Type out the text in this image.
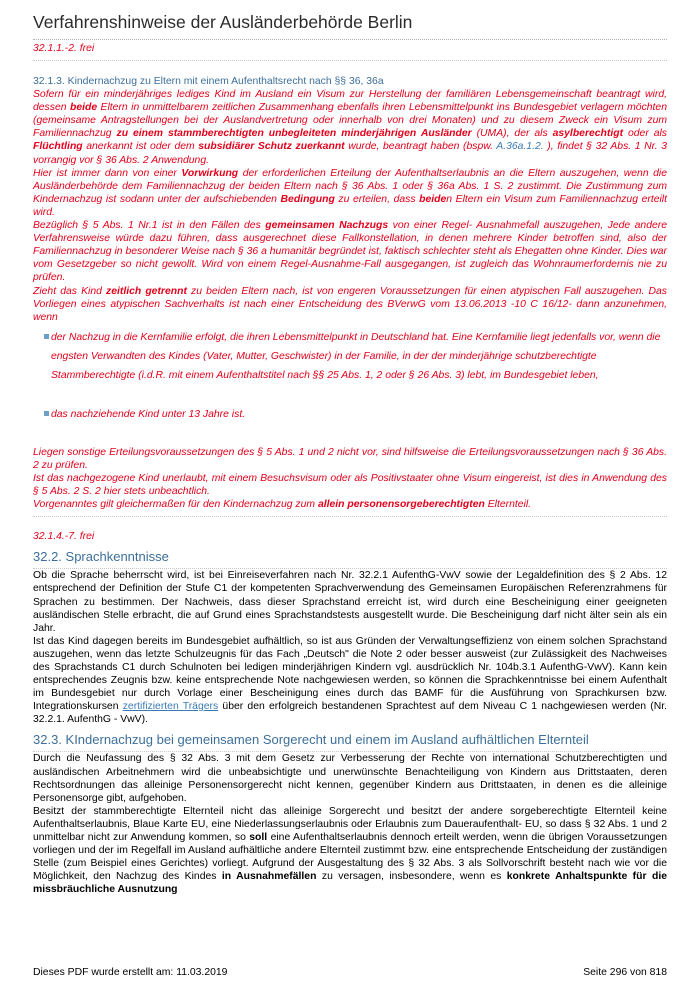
Verfahrenshinweise der Ausländerbehörde Berlin

32.1.1.-2. frei

32.1.3. Kindernachzug zu Eltern mit einem Aufenthaltsrecht nach §§ 36, 36a

Sofern für ein minderjähriges lediges Kind im Ausland ein Visum zur Herstellung der familiären Lebensgemeinschaft beantragt wird, dessen beide Eltern in unmittelbarem zeitlichen Zusammenhang ebenfalls ihren Lebensmittelpunkt ins Bundesgebiet verlagern möchten (gemeinsame Antragstellungen bei der Auslandvertretung oder innerhalb von drei Monaten) und zu diesem Zweck ein Visum zum Familiennachzug zu einem stammberechtigten unbegleiteten minderjährigen Ausländer (UMA), der als asylberechtigt oder als Flüchtling anerkannt ist oder dem subsidiärer Schutz zuerkannt wurde, beantragt haben (bspw. A.36a.1.2. ), findet § 32 Abs. 1 Nr. 3 vorrangig vor § 36 Abs. 2 Anwendung.

Hier ist immer dann von einer Vorwirkung der erforderlichen Erteilung der Aufenthaltserlaubnis an die Eltern auszugehen, wenn die Ausländerbehörde dem Familiennachzug der beiden Eltern nach § 36 Abs. 1 oder § 36a Abs. 1 S. 2 zustimmt. Die Zustimmung zum Kindernachzug ist sodann unter der aufschiebenden Bedingung zu erteilen, dass beiden Eltern ein Visum zum Familiennachzug erteilt wird.

Bezüglich § 5 Abs. 1 Nr.1 ist in den Fällen des gemeinsamen Nachzugs von einer Regel- Ausnahmefall auszugehen, Jede andere Verfahrensweise würde dazu führen, dass ausgerechnet diese Fallkonstellation, in denen mehrere Kinder betroffen sind, also der Familiennachzug in besonderer Weise nach § 36 a humanitär begründet ist, faktisch schlechter steht als Ehegatten ohne Kinder. Dies war vom Gesetzgeber so nicht gewollt. Wird von einem Regel-Ausnahme-Fall ausgegangen, ist zugleich das Wohnraumerfordernis nie zu prüfen.

Zieht das Kind zeitlich getrennt zu beiden Eltern nach, ist von engeren Voraussetzungen für einen atypischen Fall auszugehen. Das Vorliegen eines atypischen Sachverhalts ist nach einer Entscheidung des BVerwG vom 13.06.2013 -10 C 16/12- dann anzunehmen, wenn

der Nachzug in die Kernfamilie erfolgt, die ihren Lebensmittelpunkt in Deutschland hat. Eine Kernfamilie liegt jedenfalls vor, wenn die engsten Verwandten des Kindes (Vater, Mutter, Geschwister) in der Familie, in der der minderjährige schutzberechtigte Stammberechtigte (i.d.R. mit einem Aufenthaltstitel nach §§ 25 Abs. 1, 2 oder § 26 Abs. 3) lebt, im Bundesgebiet leben,
das nachziehende Kind unter 13 Jahre ist.

Liegen sonstige Erteilungsvoraussetzungen des § 5 Abs. 1 und 2 nicht vor, sind hilfsweise die Erteilungsvoraussetzungen nach § 36 Abs. 2 zu prüfen.

Ist das nachgezogene Kind unerlaubt, mit einem Besuchsvisum oder als Positivstaater ohne Visum eingereist, ist dies in Anwendung des § 5 Abs. 2 S. 2 hier stets unbeachtlich.

Vorgenanntes gilt gleichermaßen für den Kindernachzug zum allein personensorgeberechtigten Elternteil.

32.1.4.-7. frei

32.2. Sprachkenntnisse

Ob die Sprache beherrscht wird, ist bei Einreiseverfahren nach Nr. 32.2.1 AufenthG-VwV sowie der Legaldefinition des § 2 Abs. 12 entsprechend der Definition der Stufe C1 der kompetenten Sprachverwendung des Gemeinsamen Europäischen Referenzrahmens für Sprachen zu bestimmen. Der Nachweis, dass dieser Sprachstand erreicht ist, wird durch eine Bescheinigung einer geeigneten ausländischen Stelle erbracht, die auf Grund eines Sprachstandstests ausgestellt wurde. Die Bescheinigung darf nicht älter sein als ein Jahr.

Ist das Kind dagegen bereits im Bundesgebiet aufhältlich, so ist aus Gründen der Verwaltungseffizienz von einem solchen Sprachstand auszugehen, wenn das letzte Schulzeugnis für das Fach „Deutsch" die Note 2 oder besser ausweist (zur Zulässigkeit des Nachweises des Sprachstands C1 durch Schulnoten bei ledigen minderjährigen Kindern vgl. ausdrücklich Nr. 104b.3.1 AufenthG-VwV). Kann kein entsprechendes Zeugnis bzw. keine entsprechende Note nachgewiesen werden, so können die Sprachkenntnisse bei einem Aufenthalt im Bundesgebiet nur durch Vorlage einer Bescheinigung eines durch das BAMF für die Ausführung von Sprachkursen bzw. Integrationskursen zertifizierten Trägers über den erfolgreich bestandenen Sprachtest auf dem Niveau C 1 nachgewiesen werden (Nr. 32.2.1. AufenthG - VwV).

32.3. KIndernachzug bei gemeinsamen Sorgerecht und einem im Ausland aufhältlichen Elternteil

Durch die Neufassung des § 32 Abs. 3 mit dem Gesetz zur Verbesserung der Rechte von international Schutzberechtigten und ausländischen Arbeitnehmern wird die unbeabsichtigte und unerwünschte Benachteiligung von Kindern aus Drittstaaten, deren Rechtsordnungen das alleinige Personensorgerecht nicht kennen, gegenüber Kindern aus Drittstaaten, in denen es die alleinige Personensorge gibt, aufgehoben.

Besitzt der stammberechtigte Elternteil nicht das alleinige Sorgerecht und besitzt der andere sorgeberechtigte Elternteil keine Aufenthaltserlaubnis, Blaue Karte EU, eine Niederlassungserlaubnis oder Erlaubnis zum Daueraufenthalt- EU, so dass § 32 Abs. 1 und 2 unmittelbar nicht zur Anwendung kommen, so soll eine Aufenthaltserlaubnis dennoch erteilt werden, wenn die übrigen Voraussetzungen vorliegen und der im Regelfall im Ausland aufhältliche andere Elternteil zustimmt bzw. eine entsprechende Entscheidung der zuständigen Stelle (zum Beispiel eines Gerichtes) vorliegt. Aufgrund der Ausgestaltung des § 32 Abs. 3 als Sollvorschrift besteht nach wie vor die Möglichkeit, den Nachzug des Kindes in Ausnahmefällen zu versagen, insbesondere, wenn es konkrete Anhaltspunkte für die missbräuchliche Ausnutzung

Dieses PDF wurde erstellt am: 11.03.2019	Seite 296 von 818
